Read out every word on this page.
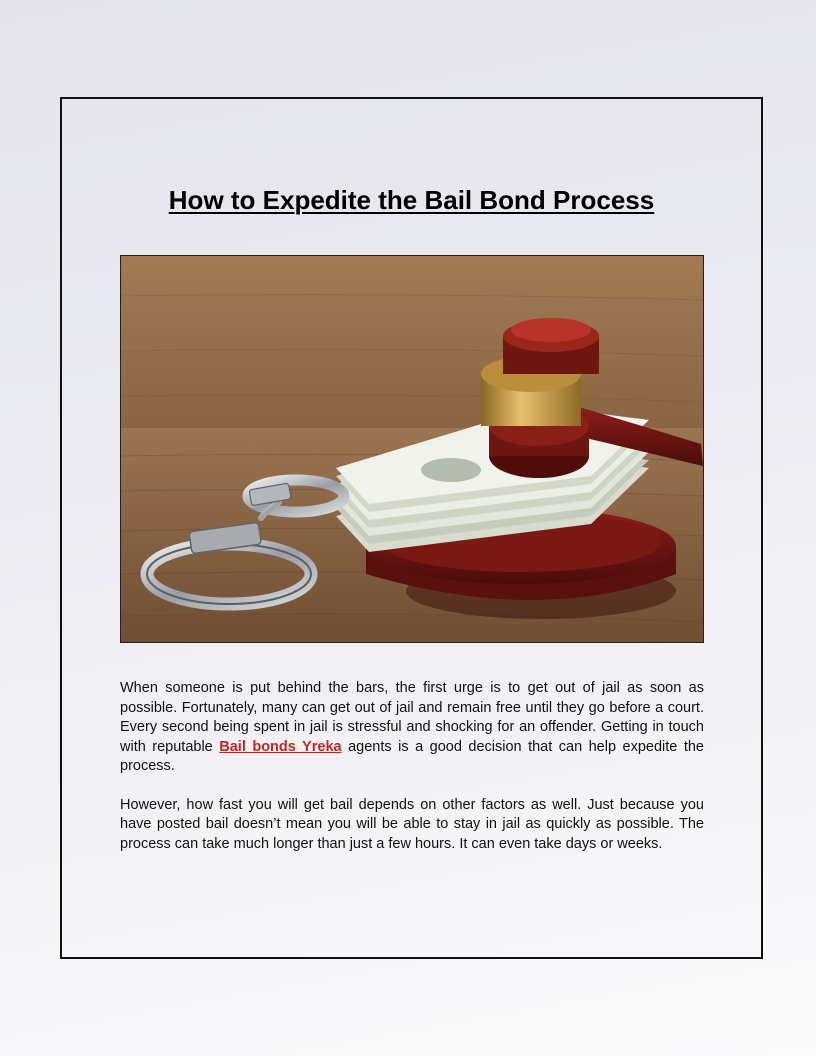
How to Expedite the Bail Bond Process

When someone is put behind the bars, the first urge is to get out of jail as soon as possible. Fortunately, many can get out of jail and remain free until they go before a court. Every second being spent in jail is stressful and shocking for an offender. Getting in touch with reputable Bail bonds Yreka agents is a good decision that can help expedite the process.

However, how fast you will get bail depends on other factors as well. Just because you have posted bail doesn’t mean you will be able to stay in jail as quickly as possible. The process can take much longer than just a few hours. It can even take days or weeks.
